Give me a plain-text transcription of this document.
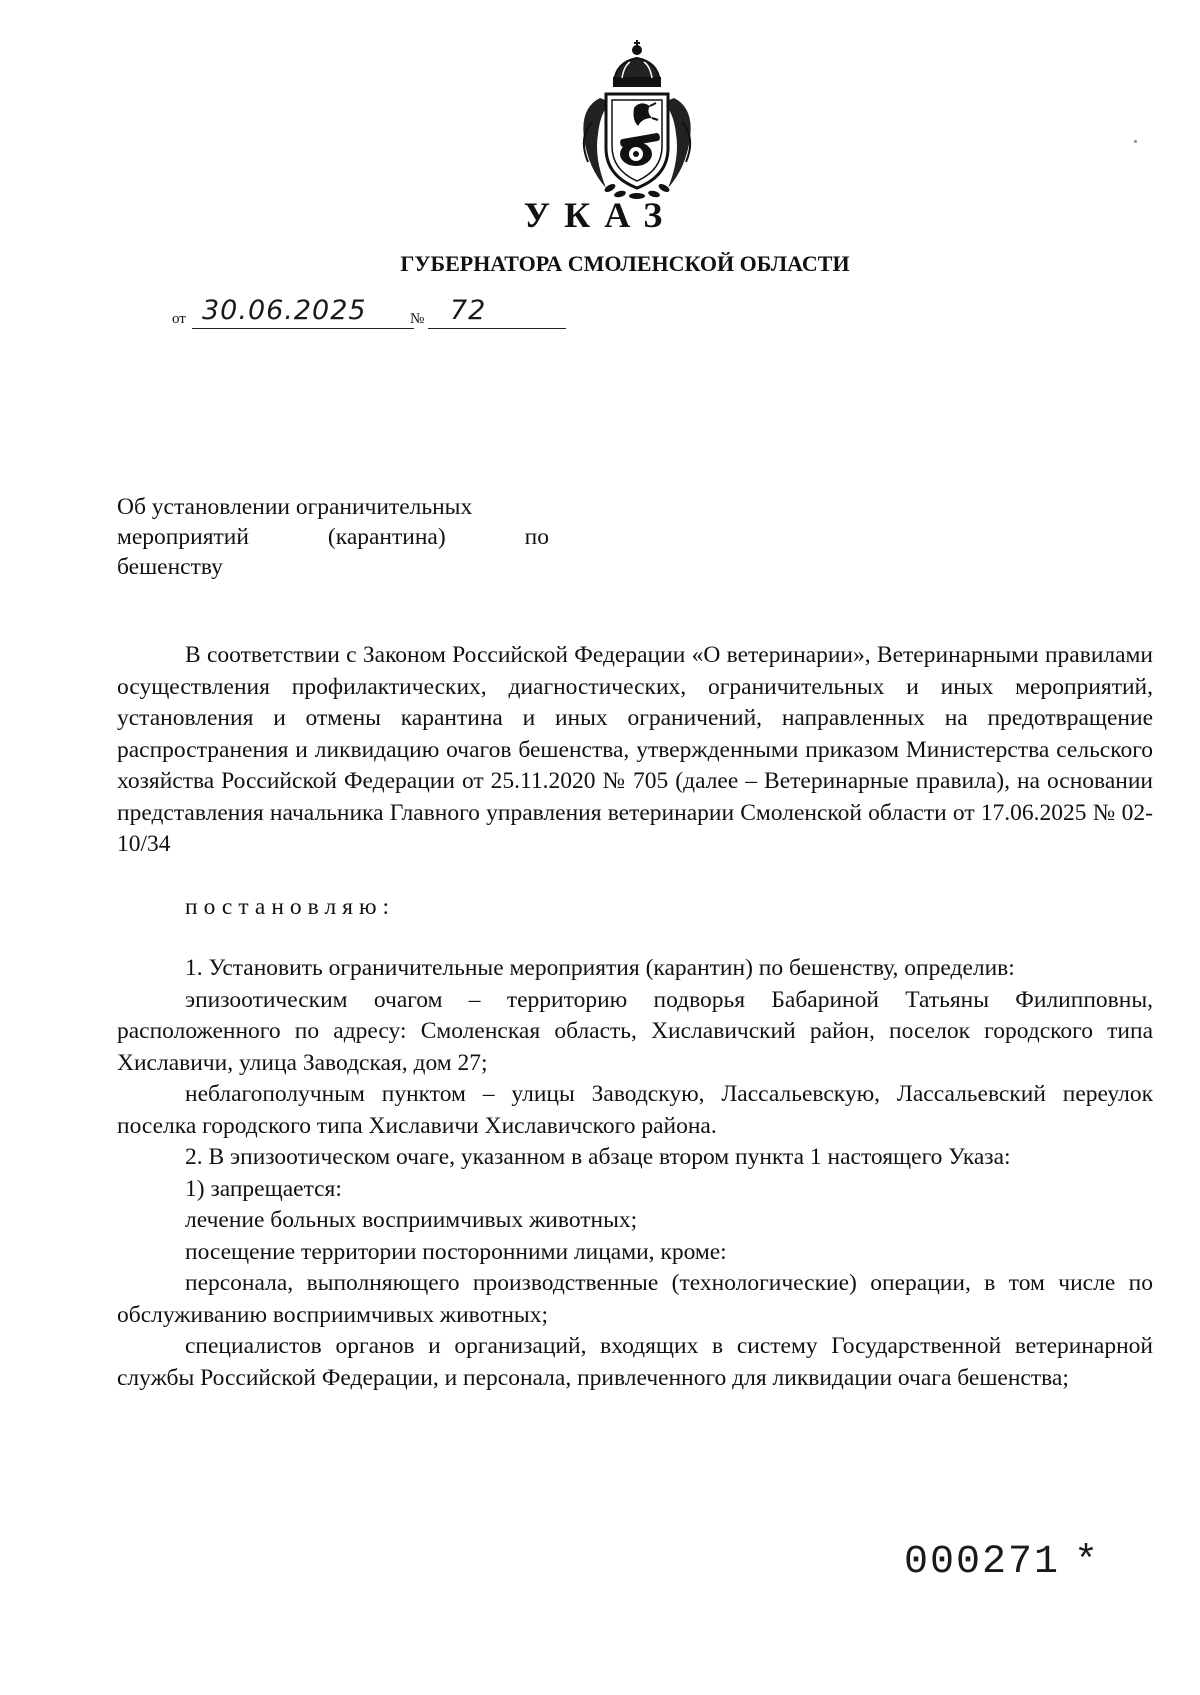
УКАЗ
ГУБЕРНАТОРА СМОЛЕНСКОЙ ОБЛАСТИ
от 30.06.2025	№ 72
Об установлении ограничительных
мероприятий (карантина) по
бешенству

В соответствии с Законом Российской Федерации «О ветеринарии», Ветеринарными правилами осуществления профилактических, диагностических, ограничительных и иных мероприятий, установления и отмены карантина и иных ограничений, направленных на предотвращение распространения и ликвидацию очагов бешенства, утвержденными приказом Министерства сельского хозяйства Российской Федерации от 25.11.2020 № 705 (далее – Ветеринарные правила), на основании представления начальника Главного управления ветеринарии Смоленской области от 17.06.2025 № 02-10/34

постановляю:

1. Установить ограничительные мероприятия (карантин) по бешенству, определив:

эпизоотическим очагом – территорию подворья Бабариной Татьяны Филипповны, расположенного по адресу: Смоленская область, Хиславичский район, поселок городского типа Хиславичи, улица Заводская, дом 27;

неблагополучным пунктом – улицы Заводскую, Лассальевскую, Лассальевский переулок поселка городского типа Хиславичи Хиславичского района.

2. В эпизоотическом очаге, указанном в абзаце втором пункта 1 настоящего Указа:

1) запрещается:

лечение больных восприимчивых животных;

посещение территории посторонними лицами, кроме:

персонала, выполняющего производственные (технологические) операции, в том числе по обслуживанию восприимчивых животных;

специалистов органов и организаций, входящих в систему Государственной ветеринарной службы Российской Федерации, и персонала, привлеченного для ликвидации очага бешенства;

000271 *
